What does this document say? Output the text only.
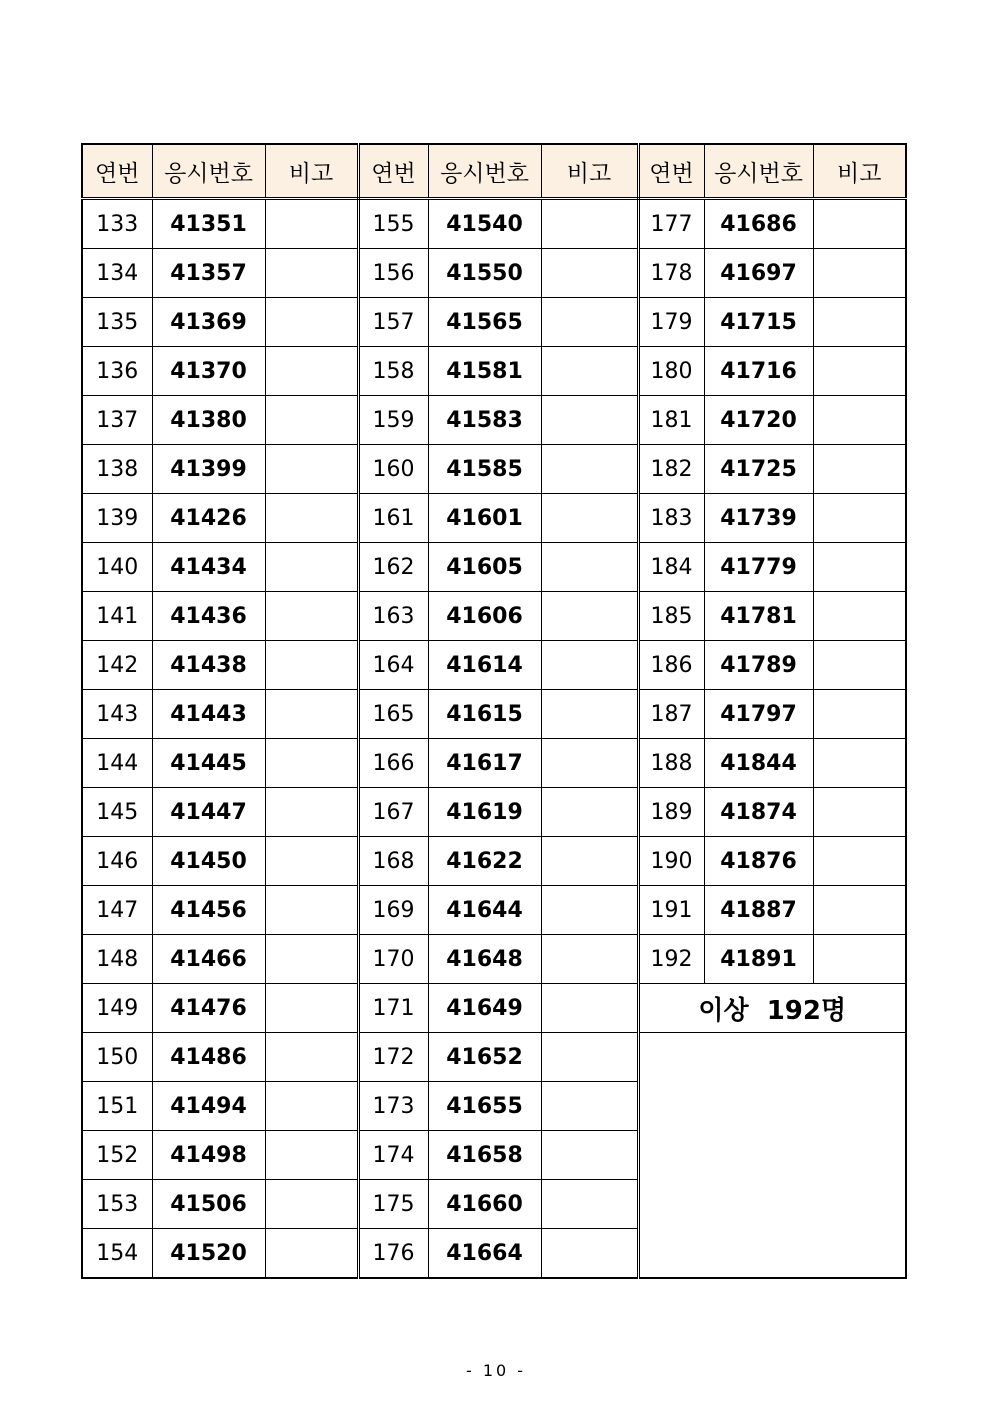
연번	응시번호	비고	연번	응시번호	비고	연번	응시번호	비고
133	41351		155	41540		177	41686	
134	41357		156	41550		178	41697	
135	41369		157	41565		179	41715	
136	41370		158	41581		180	41716	
137	41380		159	41583		181	41720	
138	41399		160	41585		182	41725	
139	41426		161	41601		183	41739	
140	41434		162	41605		184	41779	
141	41436		163	41606		185	41781	
142	41438		164	41614		186	41789	
143	41443		165	41615		187	41797	
144	41445		166	41617		188	41844	
145	41447		167	41619		189	41874	
146	41450		168	41622		190	41876	
147	41456		169	41644		191	41887	
148	41466		170	41648		192	41891	
149	41476		171	41649		이상  192명		
150	41486		172	41652				
151	41494		173	41655				
152	41498		174	41658				
153	41506		175	41660				
154	41520		176	41664				
- 10 -
